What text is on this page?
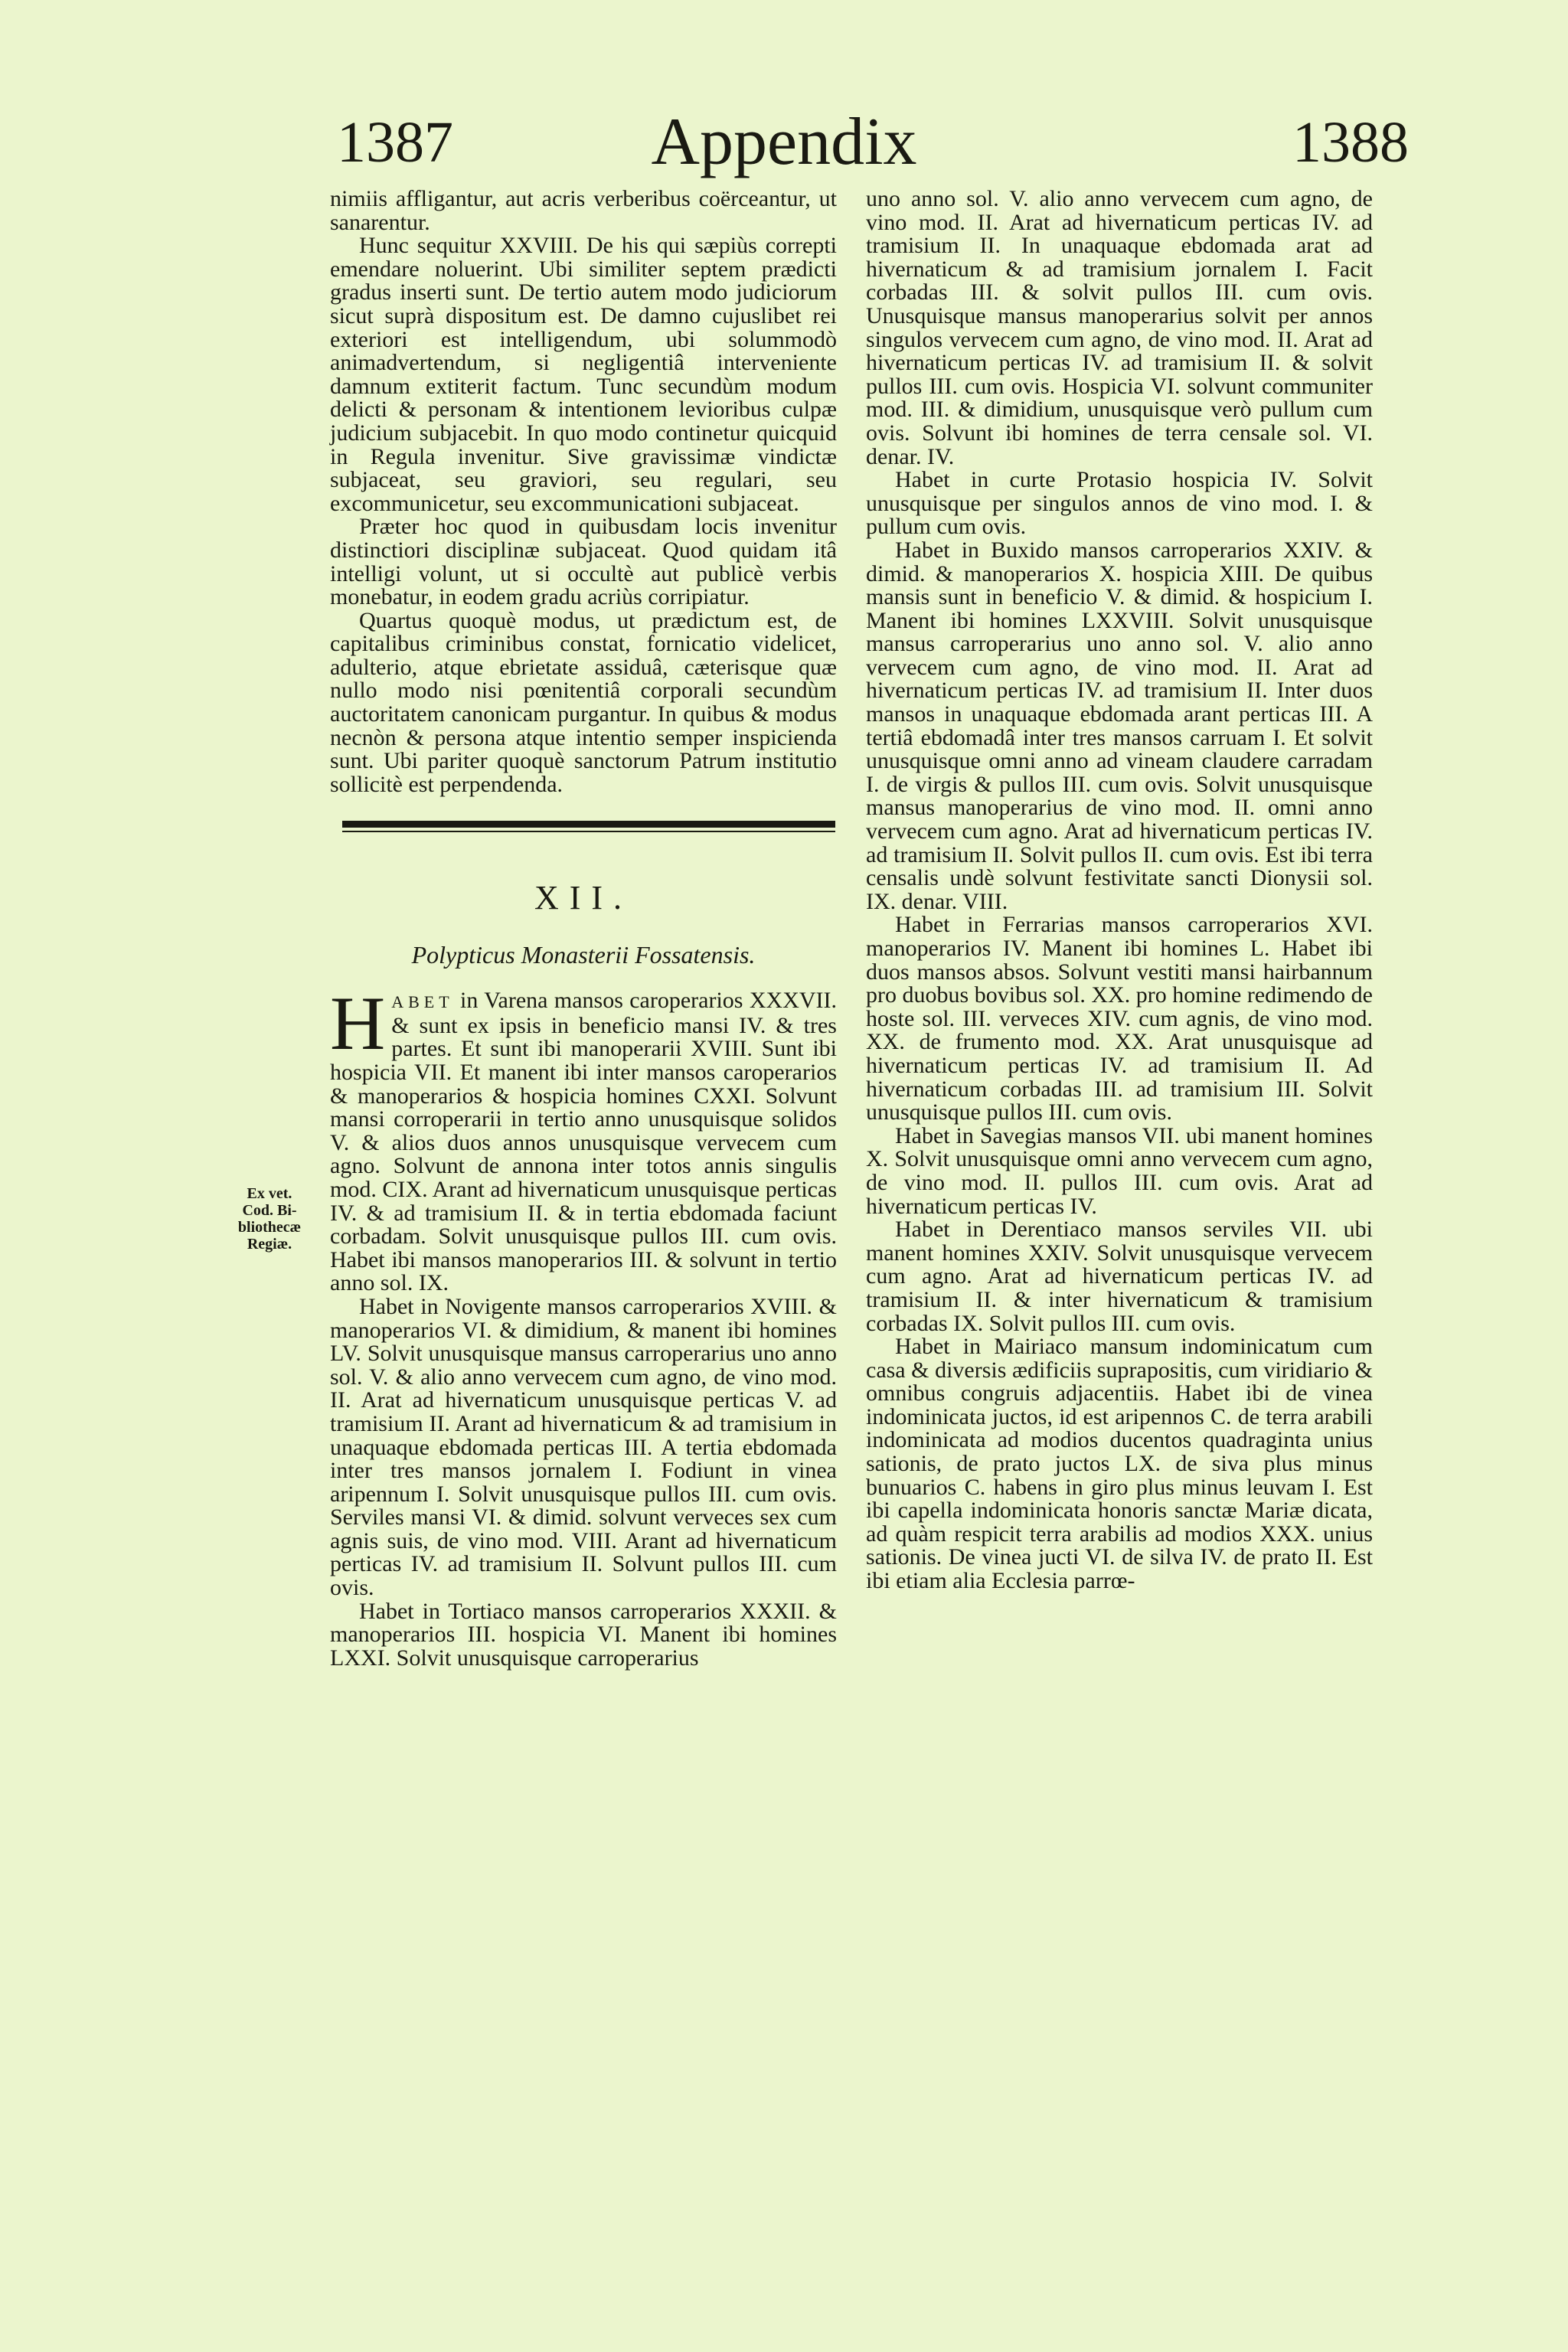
1387	Appendix	1388
Ex vet.
Cod. Bi-
bliothecæ
Regiæ.

nimiis affligantur, aut acris verberibus coërceantur, ut sanarentur.

Hunc sequitur XXVIII. De his qui sæpiùs correpti emendare noluerint. Ubi similiter septem prædicti gradus inserti sunt. De tertio autem modo judiciorum sicut suprà dispositum est. De damno cujuslibet rei exteriori est intelligendum, ubi solummodò animadvertendum, si negligentiâ interveniente damnum extiterit factum. Tunc secundùm modum delicti & personam & intentionem levioribus culpæ judicium subjacebit. In quo modo continetur quicquid in Regula invenitur. Sive gravissimæ vindictæ subjaceat, seu graviori, seu regulari, seu excommunicetur, seu excommunicationi subjaceat.

Præter hoc quod in quibusdam locis invenitur distinctiori disciplinæ subjaceat. Quod quidam itâ intelligi volunt, ut si occultè aut publicè verbis monebatur, in eodem gradu acriùs corripiatur.

Quartus quoquè modus, ut prædictum est, de capitalibus criminibus constat, fornicatio videlicet, adulterio, atque ebrietate assiduâ, cæterisque quæ nullo modo nisi pœnitentiâ corporali secundùm auctoritatem canonicam purgantur. In quibus & modus necnòn & persona atque intentio semper inspicienda sunt. Ubi pariter quoquè sanctorum Patrum institutio sollicitè est perpendenda.

XII.
Polypticus Monasterii Fossatensis.
HABET in Varena mansos caroperarios XXXVII. & sunt ex ipsis in beneficio mansi IV. & tres partes. Et sunt ibi manoperarii XVIII. Sunt ibi hospicia VII. Et manent ibi inter mansos caroperarios & manoperarios & hospicia homines CXXI. Solvunt mansi corroperarii in tertio anno unusquisque solidos V. & alios duos annos unusquisque vervecem cum agno. Solvunt de annona inter totos annis singulis mod. CIX. Arant ad hivernaticum unusquisque perticas IV. & ad tramisium II. & in tertia ebdomada faciunt corbadam. Solvit unusquisque pullos III. cum ovis. Habet ibi mansos manoperarios III. & solvunt in tertio anno sol. IX.

Habet in Novigente mansos carroperarios XVIII. & manoperarios VI. & dimidium, & manent ibi homines LV. Solvit unusquisque mansus carroperarius uno anno sol. V. & alio anno vervecem cum agno, de vino mod. II. Arat ad hivernaticum unusquisque perticas V. ad tramisium II. Arant ad hivernaticum & ad tramisium in unaquaque ebdomada perticas III. A tertia ebdomada inter tres mansos jornalem I. Fodiunt in vinea aripennum I. Solvit unusquisque pullos III. cum ovis. Serviles mansi VI. & dimid. solvunt verveces sex cum agnis suis, de vino mod. VIII. Arant ad hivernaticum perticas IV. ad tramisium II. Solvunt pullos III. cum ovis.

Habet in Tortiaco mansos carroperarios XXXII. & manoperarios III. hospicia VI. Manent ibi homines LXXI. Solvit unusquisque carroperarius

uno anno sol. V. alio anno vervecem cum agno, de vino mod. II. Arat ad hivernaticum perticas IV. ad tramisium II. In unaquaque ebdomada arat ad hivernaticum & ad tramisium jornalem I. Facit corbadas III. & solvit pullos III. cum ovis. Unusquisque mansus manoperarius solvit per annos singulos vervecem cum agno, de vino mod. II. Arat ad hivernaticum perticas IV. ad tramisium II. & solvit pullos III. cum ovis. Hospicia VI. solvunt communiter mod. III. & dimidium, unusquisque verò pullum cum ovis. Solvunt ibi homines de terra censale sol. VI. denar. IV.

Habet in curte Protasio hospicia IV. Solvit unusquisque per singulos annos de vino mod. I. & pullum cum ovis.

Habet in Buxido mansos carroperarios XXIV. & dimid. & manoperarios X. hospicia XIII. De quibus mansis sunt in beneficio V. & dimid. & hospicium I. Manent ibi homines LXXVIII. Solvit unusquisque mansus carroperarius uno anno sol. V. alio anno vervecem cum agno, de vino mod. II. Arat ad hivernaticum perticas IV. ad tramisium II. Inter duos mansos in unaquaque ebdomada arant perticas III. A tertiâ ebdomadâ inter tres mansos carruam I. Et solvit unusquisque omni anno ad vineam claudere carradam I. de virgis & pullos III. cum ovis. Solvit unusquisque mansus manoperarius de vino mod. II. omni anno vervecem cum agno. Arat ad hivernaticum perticas IV. ad tramisium II. Solvit pullos II. cum ovis. Est ibi terra censalis undè solvunt festivitate sancti Dionysii sol. IX. denar. VIII.

Habet in Ferrarias mansos carroperarios XVI. manoperarios IV. Manent ibi homines L. Habet ibi duos mansos absos. Solvunt vestiti mansi hairbannum pro duobus bovibus sol. XX. pro homine redimendo de hoste sol. III. verveces XIV. cum agnis, de vino mod. XX. de frumento mod. XX. Arat unusquisque ad hivernaticum perticas IV. ad tramisium II. Ad hivernaticum corbadas III. ad tramisium III. Solvit unusquisque pullos III. cum ovis.

Habet in Savegias mansos VII. ubi manent homines X. Solvit unusquisque omni anno vervecem cum agno, de vino mod. II. pullos III. cum ovis. Arat ad hivernaticum perticas IV.

Habet in Derentiaco mansos serviles VII. ubi manent homines XXIV. Solvit unusquisque vervecem cum agno. Arat ad hivernaticum perticas IV. ad tramisium II. & inter hivernaticum & tramisium corbadas IX. Solvit pullos III. cum ovis.

Habet in Mairiaco mansum indominicatum cum casa & diversis ædificiis suprapositis, cum viridiario & omnibus congruis adjacentiis. Habet ibi de vinea indominicata juctos, id est aripennos C. de terra arabili indominicata ad modios ducentos quadraginta unius sationis, de prato juctos LX. de siva plus minus bunuarios C. habens in giro plus minus leuvam I. Est ibi capella indominicata honoris sanctæ Mariæ dicata, ad quàm respicit terra arabilis ad modios XXX. unius sationis. De vinea jucti VI. de silva IV. de prato II. Est ibi etiam alia Ecclesia parrœ-
